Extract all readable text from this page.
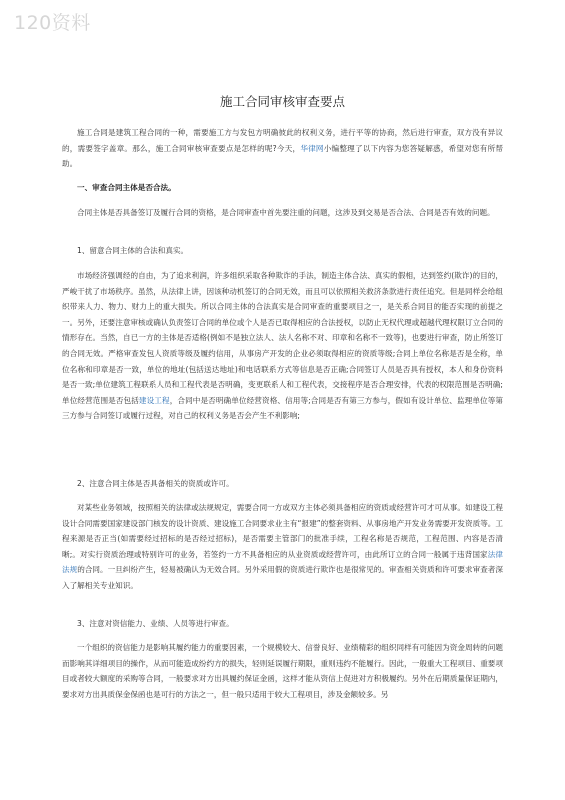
120资料
施工合同审核审查要点

施工合同是建筑工程合同的一种，需要施工方与发包方明确彼此的权利义务，进行平等的协商，然后进行审查，双方没有异议的，需要签字盖章。那么，施工合同审核审查要点是怎样的呢?今天，华律网小编整理了以下内容为您答疑解惑，希望对您有所帮助。

一、审查合同主体是否合法。

合同主体是否具备签订及履行合同的资格，是合同审查中首先要注重的问题，这涉及到交易是否合法、合同是否有效的问题。

1、留意合同主体的合法和真实。

市场经济强调经的自由，为了追求利润，许多组织采取各种欺诈的手法，制造主体合法、真实的假相，达到签约(欺诈)的目的，严峻干扰了市场秩序。虽然，从法律上讲，因该种动机签订的合同无效，而且可以依照相关救济条款进行责任追究。但是同样会给组织带来人力、物力、财力上的重大损失。所以合同主体的合法真实是合同审查的重要项目之一，是关系合同目的能否实现的前提之一。另外，还要注意审核或确认负责签订合同的单位或个人是否已取得相应的合法授权，以防止无权代理或超越代理权限订立合同的情形存在。当然，自已一方的主体是否适格(例如不是独立法人、法人名称不对、印章和名称不一致等)，也要进行审查，防止所签订的合同无效。严格审查发包人资质等级及履约信用，从事房产开发的企业必须取得相应的资质等级;合同上单位名称是否是全称，单位名称和印章是否一致，单位的地址(包括送达地址)和电话联系方式等信息是否正确;合同签订人员是否具有授权，本人和身份资料是否一致;单位建筑工程联系人员和工程代表是否明确，变更联系人和工程代表，交接程序是否合理安排，代表的权限范围是否明确;单位经营范围是否包括建设工程，合同中是否明确单位经营资格、信用等;合同是否有第三方参与，假如有设计单位、监理单位等第三方参与合同签订或履行过程，对自己的权利义务是否会产生不利影响;

2、注意合同主体是否具备相关的资质或许可。

对某些业务领域，按照相关的法律或法规规定，需要合同一方或双方主体必须具备相应的资质或经营许可才可从事。如建设工程设计合同需要国家建设部门核发的设计资质、建设施工合同要求业主有“报建”的整套资料、从事房地产开发业务需要开发资质等。工程来源是否正当(如需要经过招标的是否经过招标)，是否需要主管部门的批准手续，工程名称是否规范，工程范围、内容是否清晰;。对实行资质治理或特别许可的业务，若签约一方不具备相应的从业资质或经营许可，由此所订立的合同一般属于违背国家法律法规的合同。一旦纠纷产生，轻易被确认为无效合同。另外采用假的资质进行欺诈也是很常见的。审查相关资质和许可要求审查者深入了解相关专业知识。

3、注意对资信能力、业绩、人员等进行审查。

一个组织的资信能力是影响其履约能力的重要因素，一个规模较大、信誉良好、业绩精彩的组织同样有可能因为资金周转的问题而影响其详细项目的操作，从而可能造成纷约方的损失，轻则延误履行期限，重则违约不能履行。因此，一般重大工程项目、重要项目或者较大额度的采购等合同，一般要求对方出具履约保证金函，这样才能从资信上促进对方积极履约。另外在后期质量保证期内，要求对方出具质保金保函也是可行的方法之一，但一般只适用于较大工程项目，涉及金额较多。另
